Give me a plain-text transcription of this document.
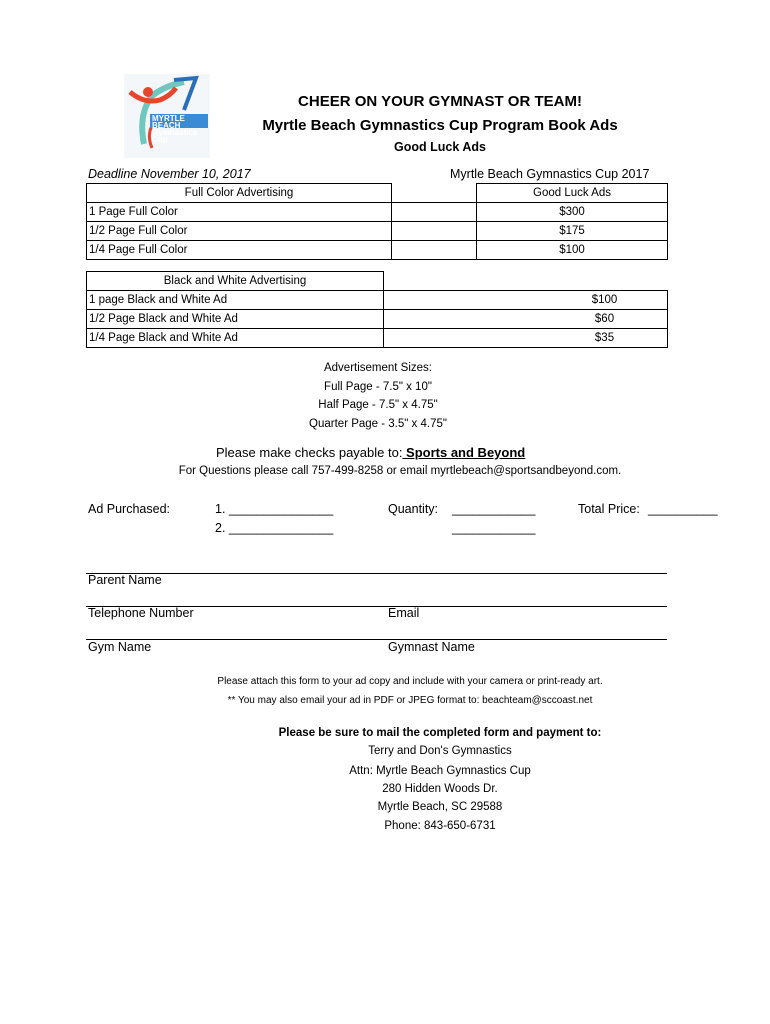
MYRTLE BEACH Gymnastics Cup
CHEER ON YOUR GYMNAST OR TEAM!
Myrtle Beach Gymnastics Cup Program Book Ads
Good Luck Ads
Deadline November 10, 2017	Myrtle Beach Gymnastics Cup 2017
Full Color Advertising		Good Luck Ads
1 Page Full Color		$300
1/2 Page Full Color		$175
1/4 Page Full Color		$100
Black and White Advertising	
1 page Black and White Ad	$100
1/2 Page Black and White Ad	$60
1/4 Page Black and White Ad	$35
Advertisement Sizes:
Full Page - 7.5" x 10"
Half Page - 7.5" x 4.75"
Quarter Page - 3.5" x 4.75"
Please make checks payable to: Sports and Beyond
For Questions please call 757-499-8258 or email myrtlebeach@sportsandbeyond.com.
Ad Purchased:	1. _______________
2. _______________
Quantity: ____________
____________
Total Price: __________
Parent Name
Telephone Number	Email
Gym Name	Gymnast Name
Please attach this form to your ad copy and include with your camera or print-ready art.
** You may also email your ad in PDF or JPEG format to: beachteam@sccoast.net
Please be sure to mail the completed form and payment to:
Terry and Don's Gymnastics
Attn: Myrtle Beach Gymnastics Cup
280 Hidden Woods Dr.
Myrtle Beach, SC 29588
Phone: 843-650-6731
